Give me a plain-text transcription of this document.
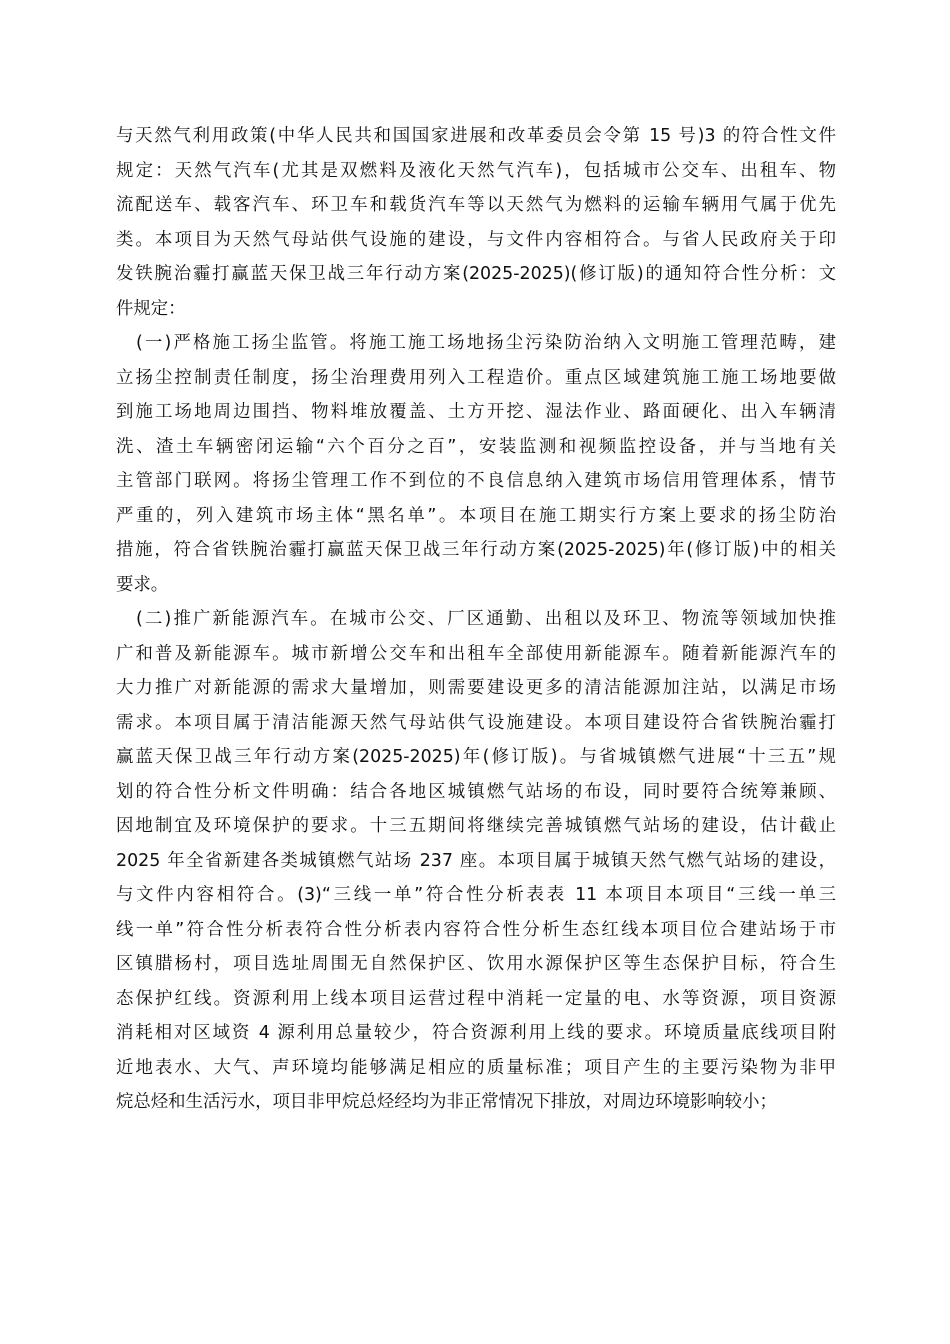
与天然气利用政策(中华人民共和国国家进展和改革委员会令第 15 号)3 的符合性文件
规定：天然气汽车(尤其是双燃料及液化天然气汽车)，包括城市公交车、出租车、物
流配送车、载客汽车、环卫车和载货汽车等以天然气为燃料的运输车辆用气属于优先
类。本项目为天然气母站供气设施的建设，与文件内容相符合。与省人民政府关于印
发铁腕治霾打赢蓝天保卫战三年行动方案(2025-2025)(修订版)的通知符合性分析：文
件规定：
(一)严格施工扬尘监管。将施工施工场地扬尘污染防治纳入文明施工管理范畴，建
立扬尘控制责任制度，扬尘治理费用列入工程造价。重点区域建筑施工施工场地要做
到施工场地周边围挡、物料堆放覆盖、土方开挖、湿法作业、路面硬化、出入车辆清
洗、渣土车辆密闭运输“六个百分之百”，安装监测和视频监控设备，并与当地有关
主管部门联网。将扬尘管理工作不到位的不良信息纳入建筑市场信用管理体系，情节
严重的，列入建筑市场主体“黑名单”。本项目在施工期实行方案上要求的扬尘防治
措施，符合省铁腕治霾打赢蓝天保卫战三年行动方案(2025-2025)年(修订版)中的相关
要求。
(二)推广新能源汽车。在城市公交、厂区通勤、出租以及环卫、物流等领域加快推
广和普及新能源车。城市新增公交车和出租车全部使用新能源车。随着新能源汽车的
大力推广对新能源的需求大量增加，则需要建设更多的清洁能源加注站，以满足市场
需求。本项目属于清洁能源天然气母站供气设施建设。本项目建设符合省铁腕治霾打
赢蓝天保卫战三年行动方案(2025-2025)年(修订版)。与省城镇燃气进展“十三五”规
划的符合性分析文件明确：结合各地区城镇燃气站场的布设，同时要符合统筹兼顾、
因地制宜及环境保护的要求。十三五期间将继续完善城镇燃气站场的建设，估计截止
2025 年全省新建各类城镇燃气站场 237 座。本项目属于城镇天然气燃气站场的建设，
与文件内容相符合。(3)“三线一单”符合性分析表表 11 本项目本项目“三线一单三
线一单”符合性分析表符合性分析表内容符合性分析生态红线本项目位合建站场于市
区镇腊杨村，项目选址周围无自然保护区、饮用水源保护区等生态保护目标，符合生
态保护红线。资源利用上线本项目运营过程中消耗一定量的电、水等资源，项目资源
消耗相对区域资 4 源利用总量较少，符合资源利用上线的要求。环境质量底线项目附
近地表水、大气、声环境均能够满足相应的质量标准；项目产生的主要污染物为非甲
烷总烃和生活污水，项目非甲烷总烃经均为非正常情况下排放，对周边环境影响较小；
